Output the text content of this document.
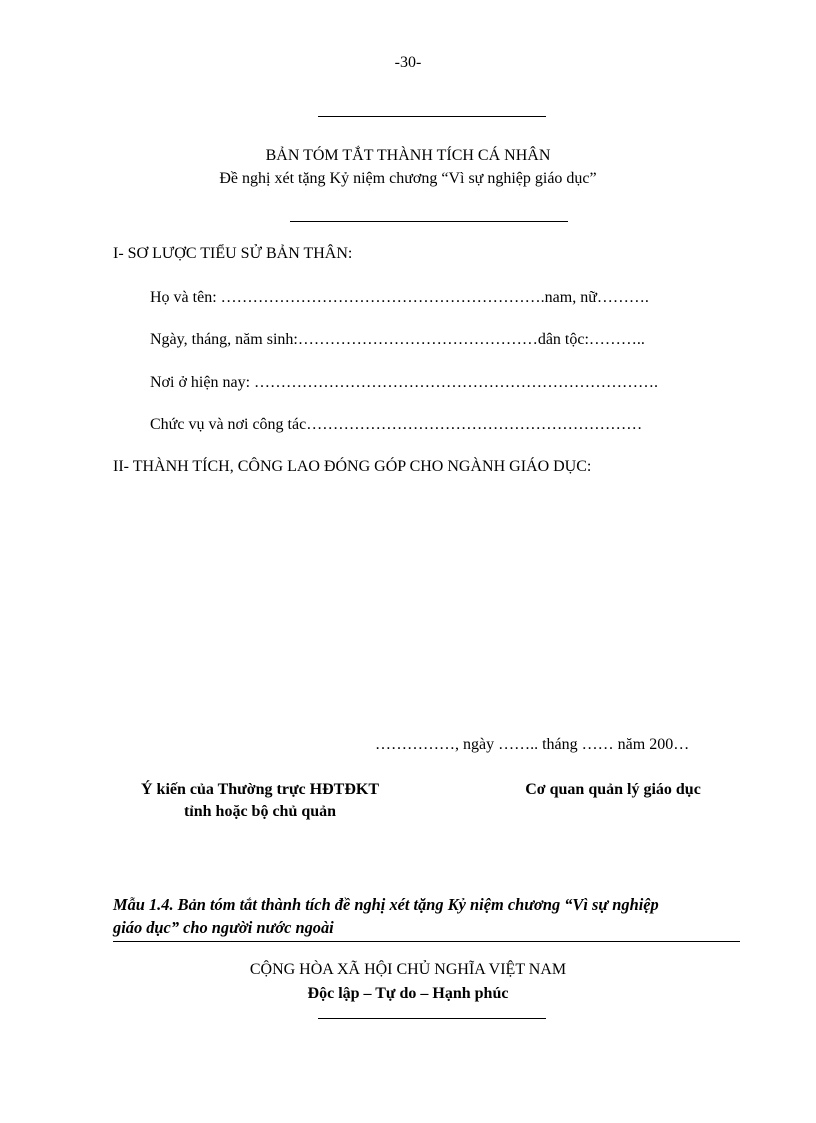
-30-
BẢN TÓM TẮT THÀNH TÍCH CÁ NHÂN
Đề nghị xét tặng Kỷ niệm chương “Vì sự nghiệp giáo dục”
I- SƠ LƯỢC TIỂU SỬ BẢN THÂN:
Họ và tên: …………………………………………………….nam, nữ……….
Ngày, tháng, năm sinh:………………………………………dân tộc:………..
Nơi ở hiện nay: ………………………………………………………………….
Chức vụ và nơi công tác………………………………………………………
II- THÀNH TÍCH, CÔNG LAO ĐÓNG GÓP CHO NGÀNH GIÁO DỤC:
……………, ngày …….. tháng …… năm 200…
Ý kiến của Thường trực HĐTĐKT
tỉnh hoặc bộ chủ quản
Cơ quan quản lý giáo dục
Mẫu 1.4. Bản tóm tắt thành tích đề nghị xét tặng Kỷ niệm chương “Vì sự nghiệp
giáo dục” cho người nước ngoài
CỘNG HÒA XÃ HỘI CHỦ NGHĨA VIỆT NAM
Độc lập – Tự do – Hạnh phúc
